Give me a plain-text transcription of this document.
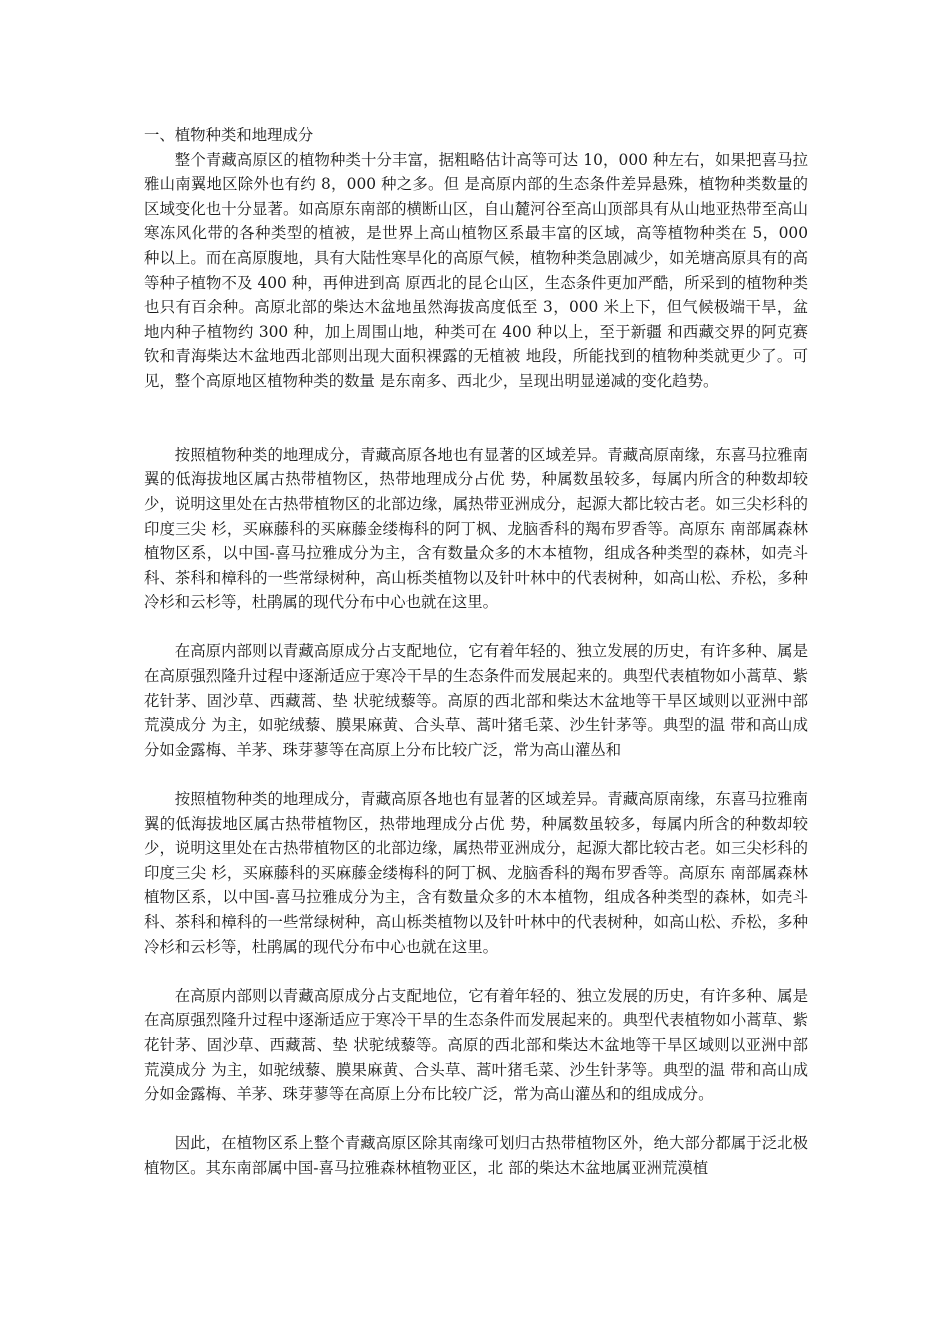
一、植物种类和地理成分

整个青藏高原区的植物种类十分丰富，据粗略估计高等可达 10，000 种左右，如果把喜马拉雅山南翼地区除外也有约 8，000 种之多。但 是高原内部的生态条件差异悬殊，植物种类数量的区域变化也十分显著。如高原东南部的横断山区，自山麓河谷至高山顶部具有从山地亚热带至高山寒冻风化带的各种类型的植被，是世界上高山植物区系最丰富的区域，高等植物种类在 5，000 种以上。而在高原腹地，具有大陆性寒旱化的高原气候，植物种类急剧减少，如羌塘高原具有的高等种子植物不及 400 种，再伸进到高 原西北的昆仑山区，生态条件更加严酷，所采到的植物种类也只有百余种。高原北部的柴达木盆地虽然海拔高度低至 3，000 米上下，但气候极端干旱，盆地内种子植物约 300 种，加上周围山地，种类可在 400 种以上，至于新疆 和西藏交界的阿克赛钦和青海柴达木盆地西北部则出现大面积裸露的无植被 地段，所能找到的植物种类就更少了。可见，整个高原地区植物种类的数量 是东南多、西北少，呈现出明显递减的变化趋势。

按照植物种类的地理成分，青藏高原各地也有显著的区域差异。青藏高原南缘，东喜马拉雅南翼的低海拔地区属古热带植物区，热带地理成分占优 势，种属数虽较多，每属内所含的种数却较少，说明这里处在古热带植物区的北部边缘，属热带亚洲成分，起源大都比较古老。如三尖杉科的印度三尖 杉，买麻藤科的买麻藤金缕梅科的阿丁枫、龙脑香科的羯布罗香等。高原东 南部属森林植物区系，以中国-喜马拉雅成分为主，含有数量众多的木本植物，组成各种类型的森林，如壳斗科、茶科和樟科的一些常绿树种，高山栎类植物以及针叶林中的代表树种，如高山松、乔松，多种冷杉和云杉等，杜鹃属的现代分布中心也就在这里。

在高原内部则以青藏高原成分占支配地位，它有着年轻的、独立发展的历史，有许多种、属是在高原强烈隆升过程中逐渐适应于寒冷干旱的生态条件而发展起来的。典型代表植物如小蒿草、紫花针茅、固沙草、西藏蒿、垫 状驼绒藜等。高原的西北部和柴达木盆地等干旱区域则以亚洲中部荒漠成分 为主，如驼绒藜、膜果麻黄、合头草、蒿叶猪毛菜、沙生针茅等。典型的温 带和高山成分如金露梅、羊茅、珠芽蓼等在高原上分布比较广泛，常为高山灌丛和

按照植物种类的地理成分，青藏高原各地也有显著的区域差异。青藏高原南缘，东喜马拉雅南翼的低海拔地区属古热带植物区，热带地理成分占优 势，种属数虽较多，每属内所含的种数却较少，说明这里处在古热带植物区的北部边缘，属热带亚洲成分，起源大都比较古老。如三尖杉科的印度三尖 杉，买麻藤科的买麻藤金缕梅科的阿丁枫、龙脑香科的羯布罗香等。高原东 南部属森林植物区系，以中国-喜马拉雅成分为主，含有数量众多的木本植物，组成各种类型的森林，如壳斗科、茶科和樟科的一些常绿树种，高山栎类植物以及针叶林中的代表树种，如高山松、乔松，多种冷杉和云杉等，杜鹃属的现代分布中心也就在这里。

在高原内部则以青藏高原成分占支配地位，它有着年轻的、独立发展的历史，有许多种、属是在高原强烈隆升过程中逐渐适应于寒冷干旱的生态条件而发展起来的。典型代表植物如小蒿草、紫花针茅、固沙草、西藏蒿、垫 状驼绒藜等。高原的西北部和柴达木盆地等干旱区域则以亚洲中部荒漠成分 为主，如驼绒藜、膜果麻黄、合头草、蒿叶猪毛菜、沙生针茅等。典型的温 带和高山成分如金露梅、羊茅、珠芽蓼等在高原上分布比较广泛，常为高山灌丛和的组成成分。

因此，在植物区系上整个青藏高原区除其南缘可划归古热带植物区外，绝大部分都属于泛北极植物区。其东南部属中国-喜马拉雅森林植物亚区，北 部的柴达木盆地属亚洲荒漠植
